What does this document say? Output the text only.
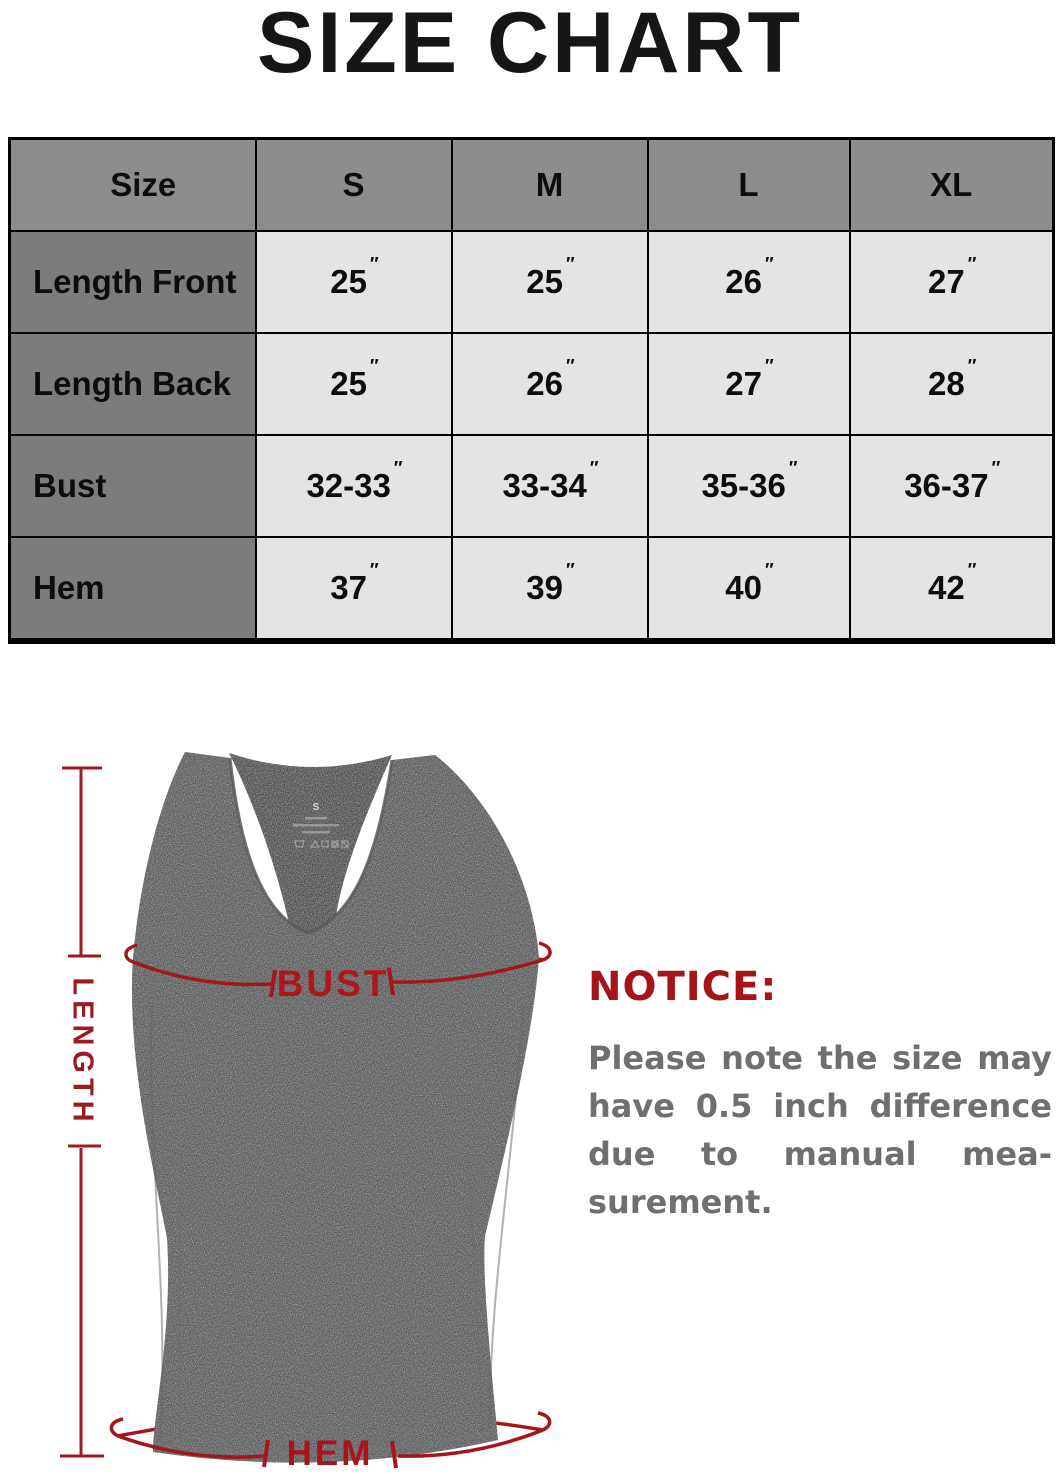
SIZE CHART
Size	S	M	L	XL
Length Front	25 ″	25 ″	26 ″	27 ″
Length Back	25 ″	26 ″	27 ″	28 ″
Bust	32-33 ″	33-34 ″	35-36 ″	36-37 ″
Hem	37 ″	39 ″	40 ″	42 ″
S
BUST
HEM
LENGTH	NOTICE:
Please note the size may
have 0.5 inch difference
due to manual mea-
surement.
